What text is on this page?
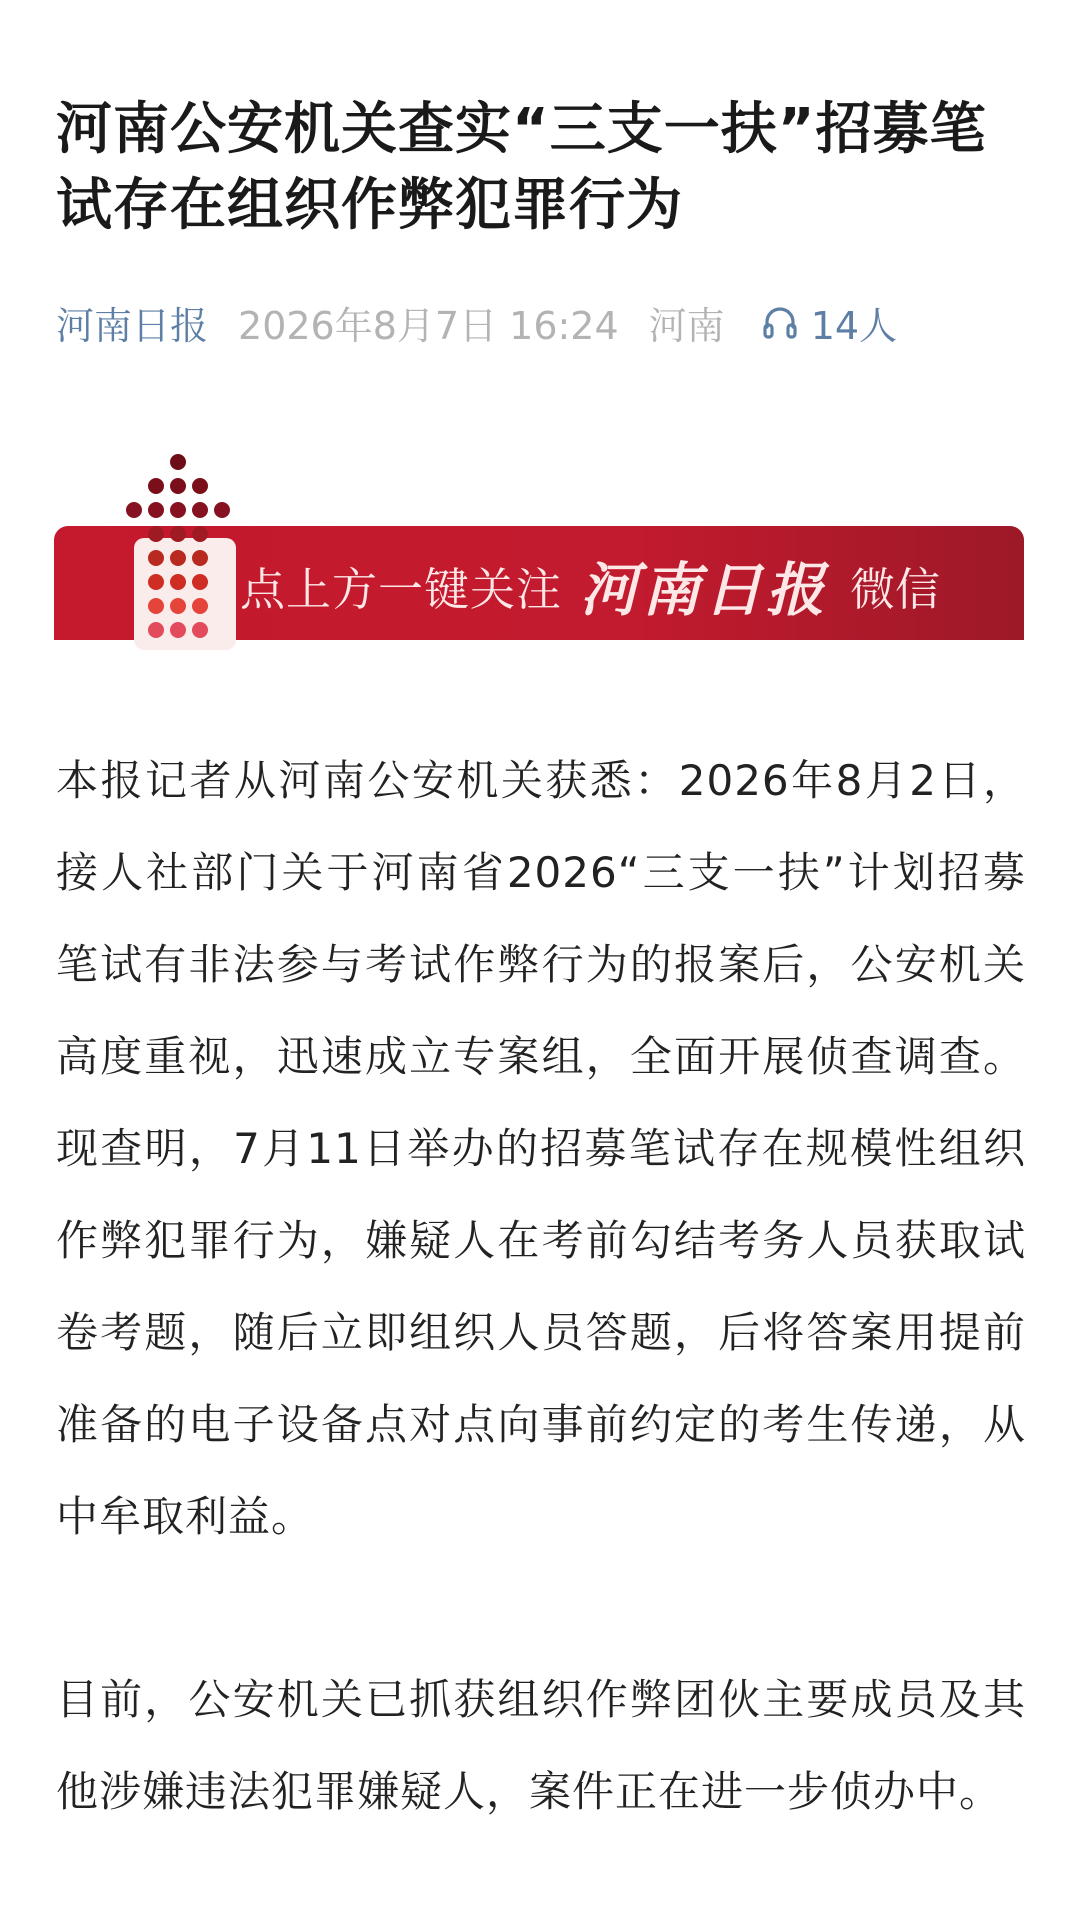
河南公安机关查实“三支一扶”招募笔试存在组织作弊犯罪行为
河南日报 2026年8月7日 16:24 河南 14人
点上方一键关注 河南日报 微信

本报记者从河南公安机关获悉：2026年8月2日，接人社部门关于河南省2026“三支一扶”计划招募笔试有非法参与考试作弊行为的报案后，公安机关高度重视，迅速成立专案组，全面开展侦查调查。现查明，7月11日举办的招募笔试存在规模性组织作弊犯罪行为，嫌疑人在考前勾结考务人员获取试卷考题，随后立即组织人员答题，后将答案用提前准备的电子设备点对点向事前约定的考生传递，从中牟取利益。

目前，公安机关已抓获组织作弊团伙主要成员及其他涉嫌违法犯罪嫌疑人，案件正在进一步侦办中。
